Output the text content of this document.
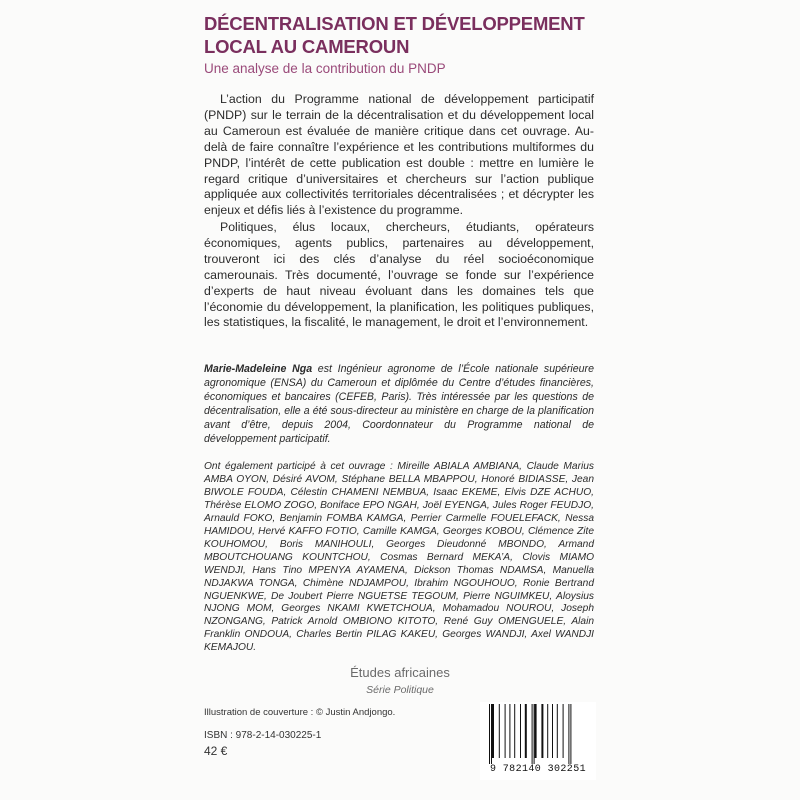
DÉCENTRALISATION ET DÉVELOPPEMENT LOCAL AU CAMEROUN
Une analyse de la contribution du PNDP

L’action du Programme national de développement participatif (PNDP) sur le terrain de la décentralisation et du développement local au Cameroun est évaluée de manière critique dans cet ouvrage. Au-delà de faire connaître l’expérience et les contributions multiformes du PNDP, l’intérêt de cette publication est double : mettre en lumière le regard critique d’universitaires et chercheurs sur l’action publique appliquée aux collectivités territoriales décentralisées ; et décrypter les enjeux et défis liés à l’existence du programme.

Politiques, élus locaux, chercheurs, étudiants, opérateurs économiques, agents publics, partenaires au développement, trouveront ici des clés d’analyse du réel socioéconomique camerounais. Très documenté, l’ouvrage se fonde sur l’expérience d’experts de haut niveau évoluant dans les domaines tels que l’économie du développement, la planification, les politiques publiques, les statistiques, la fiscalité, le management, le droit et l’environnement.

Marie-Madeleine Nga est Ingénieur agronome de l’École nationale supérieure agronomique (ENSA) du Cameroun et diplômée du Centre d’études financières, économiques et bancaires (CEFEB, Paris). Très intéressée par les questions de décentralisation, elle a été sous-directeur au ministère en charge de la planification avant d’être, depuis 2004, Coordonnateur du Programme national de développement participatif.

Ont également participé à cet ouvrage : Mireille ABIALA AMBIANA, Claude Marius AMBA OYON, Désiré AVOM, Stéphane BELLA MBAPPOU, Honoré BIDIASSE, Jean BIWOLE FOUDA, Célestin CHAMENI NEMBUA, Isaac EKEME, Elvis DZE ACHUO, Thérèse ELOMO ZOGO, Boniface EPO NGAH, Joël EYENGA, Jules Roger FEUDJO, Arnauld FOKO, Benjamin FOMBA KAMGA, Perrier Carmelle FOUELEFACK, Nessa HAMIDOU, Hervé KAFFO FOTIO, Camille KAMGA, Georges KOBOU, Clémence Zite KOUHOMOU, Boris MANIHOULI, Georges Dieudonné MBONDO, Armand MBOUTCHOUANG KOUNTCHOU, Cosmas Bernard MEKA’A, Clovis MIAMO WENDJI, Hans Tino MPENYA AYAMENA, Dickson Thomas NDAMSA, Manuella NDJAKWA TONGA, Chimène NDJAMPOU, Ibrahim NGOUHOUO, Ronie Bertrand NGUENKWE, De Joubert Pierre NGUETSE TEGOUM, Pierre NGUIMKEU, Aloysius NJONG MOM, Georges NKAMI KWETCHOUA, Mohamadou NOUROU, Joseph NZONGANG, Patrick Arnold OMBIONO KITOTO, René Guy OMENGUELE, Alain Franklin ONDOUA, Charles Bertin PILAG KAKEU, Georges WANDJI, Axel WANDJI KEMAJOU.

Études africaines
Série Politique
Illustration de couverture : © Justin Andjongo.
ISBN : 978-2-14-030225-1
42 €
9 782140 302251
